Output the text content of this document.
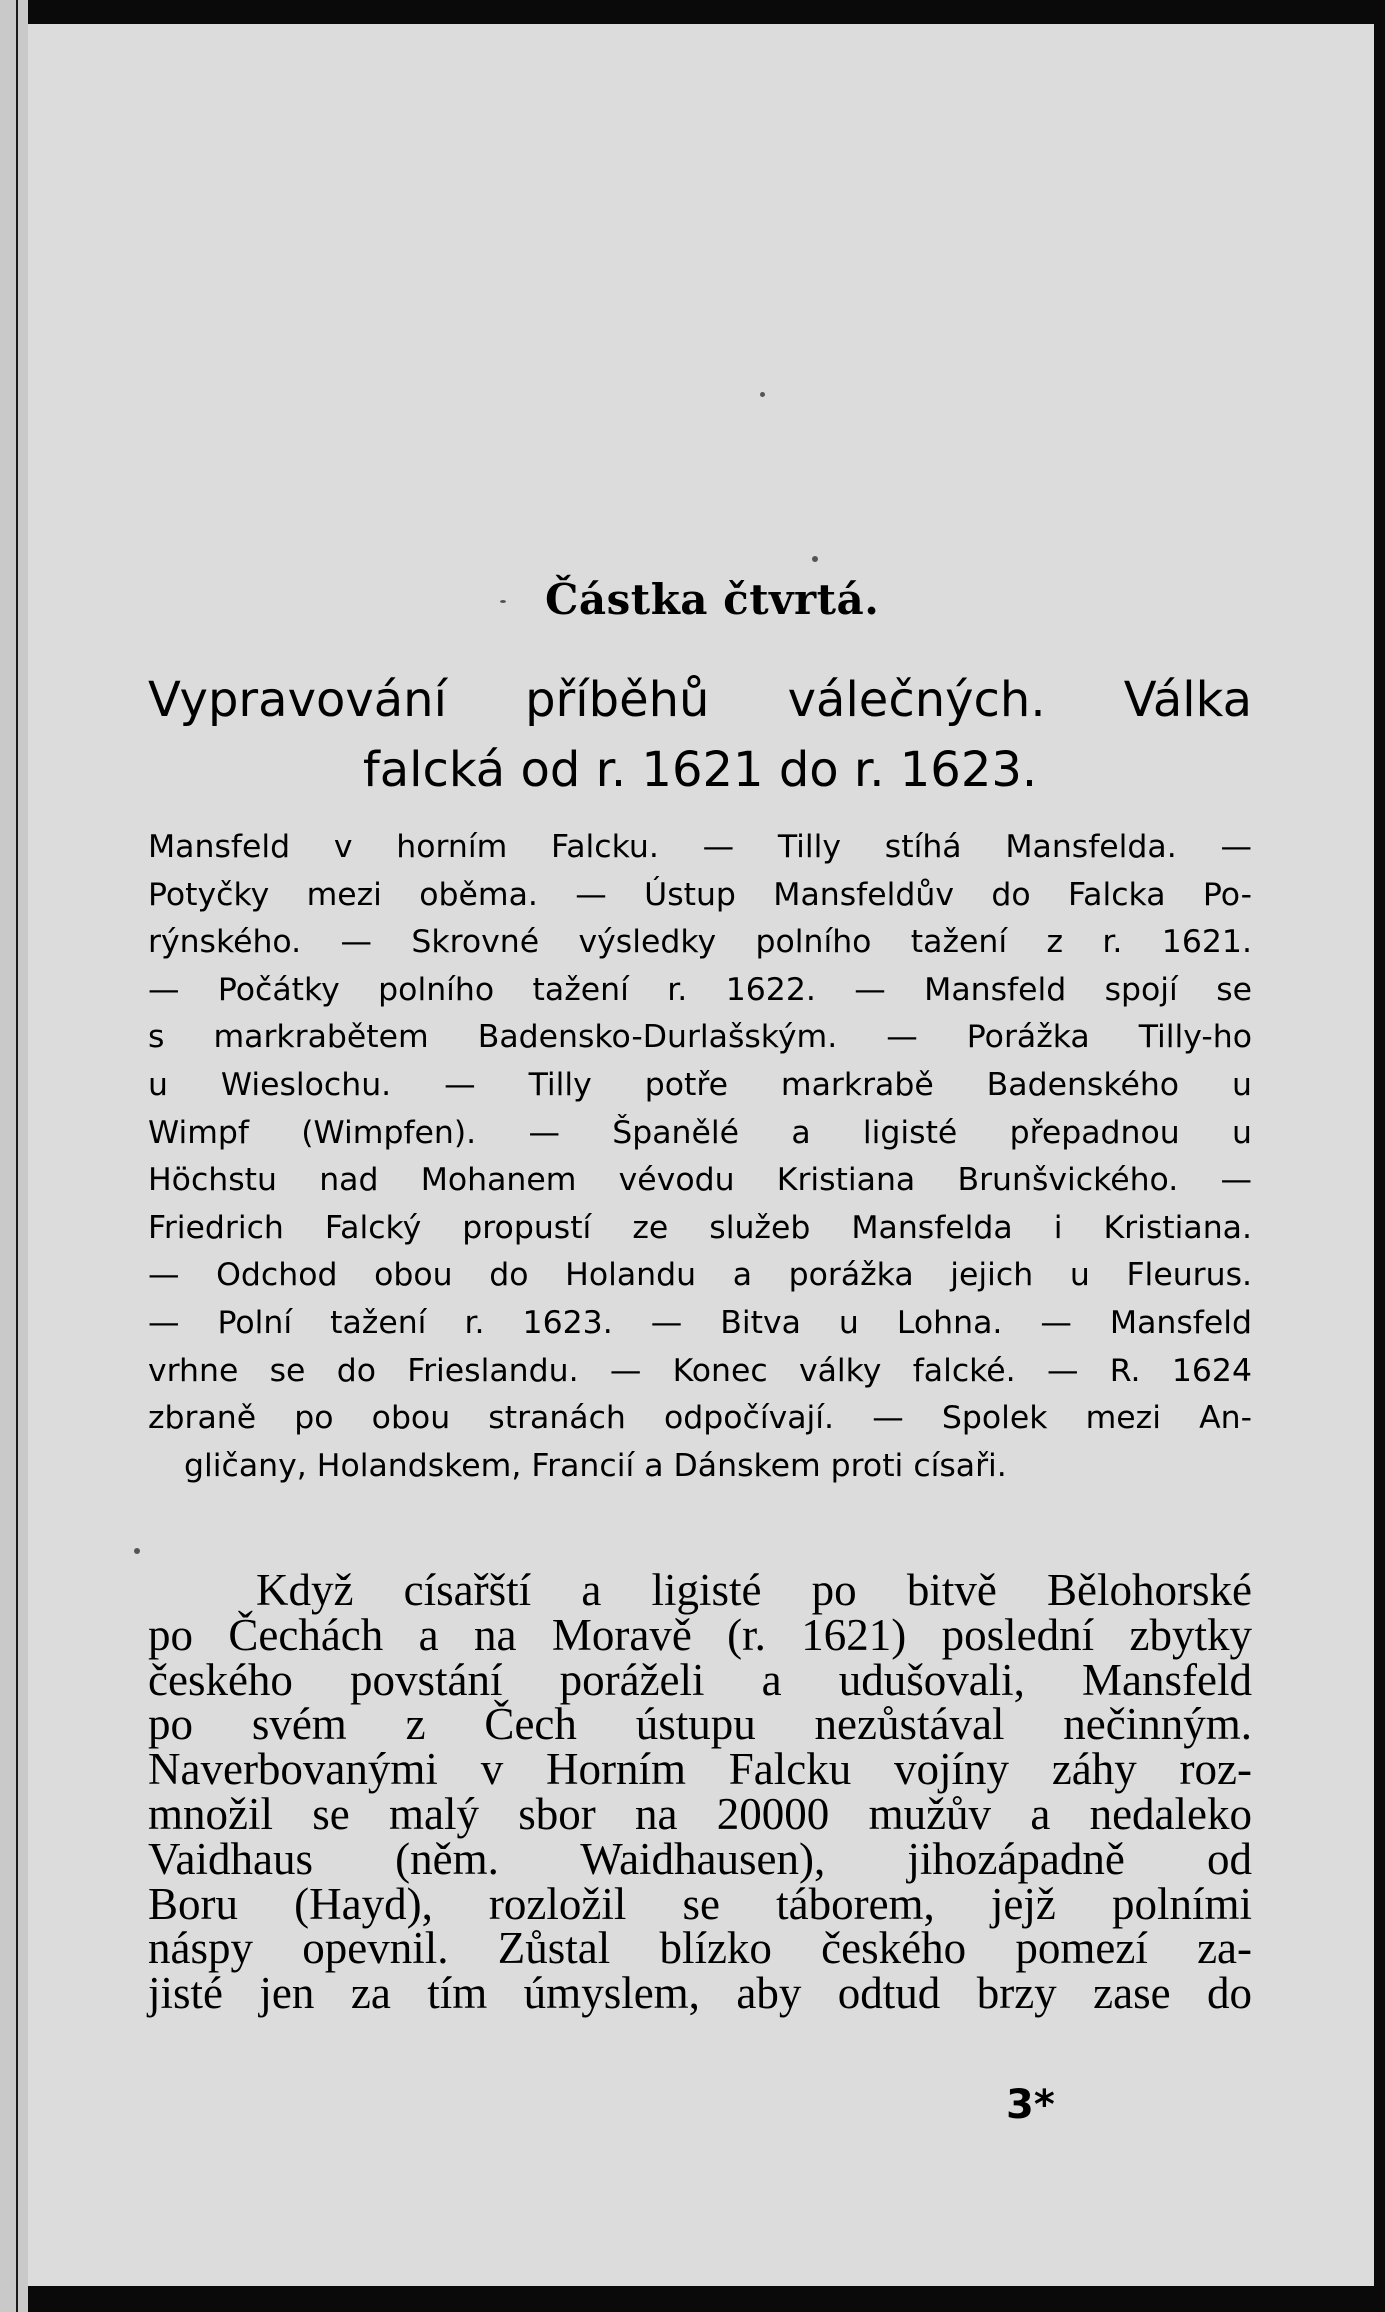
Částka čtvrtá.
Vypravování příběhů válečných. Válka
falcká od r. 1621 do r. 1623.
Mansfeld v horním Falcku. — Tilly stíhá Mansfelda. —
Potyčky mezi oběma. — Ústup Mansfeldův do Falcka Po-
rýnského. — Skrovné výsledky polního tažení z r. 1621.
— Počátky polního tažení r. 1622. — Mansfeld spojí se
s markrabětem Badensko-Durlašským. — Porážka Tilly-ho
u Wieslochu. — Tilly potře markrabě Badenského u
Wimpf (Wimpfen). — Španělé a ligisté přepadnou u
Höchstu nad Mohanem vévodu Kristiana Brunšvického. —
Friedrich Falcký propustí ze služeb Mansfelda i Kristiana.
— Odchod obou do Holandu a porážka jejich u Fleurus.
— Polní tažení r. 1623. — Bitva u Lohna. — Mansfeld
vrhne se do Frieslandu. — Konec války falcké. — R. 1624
zbraně po obou stranách odpočívají. — Spolek mezi An-
gličany, Holandskem, Francií a Dánskem proti císaři.
Když císařští a ligisté po bitvě Bělohorské
po Čechách a na Moravě (r. 1621) poslední zbytky
českého povstání poráželi a udušovali, Mansfeld
po svém z Čech ústupu nezůstával nečinným.
Naverbovanými v Horním Falcku vojíny záhy roz-
množil se malý sbor na 20000 mužův a nedaleko
Vaidhaus (něm. Waidhausen), jihozápadně od
Boru (Hayd), rozložil se táborem, jejž polními
náspy opevnil. Zůstal blízko českého pomezí za-
jisté jen za tím úmyslem, aby odtud brzy zase do
3*
